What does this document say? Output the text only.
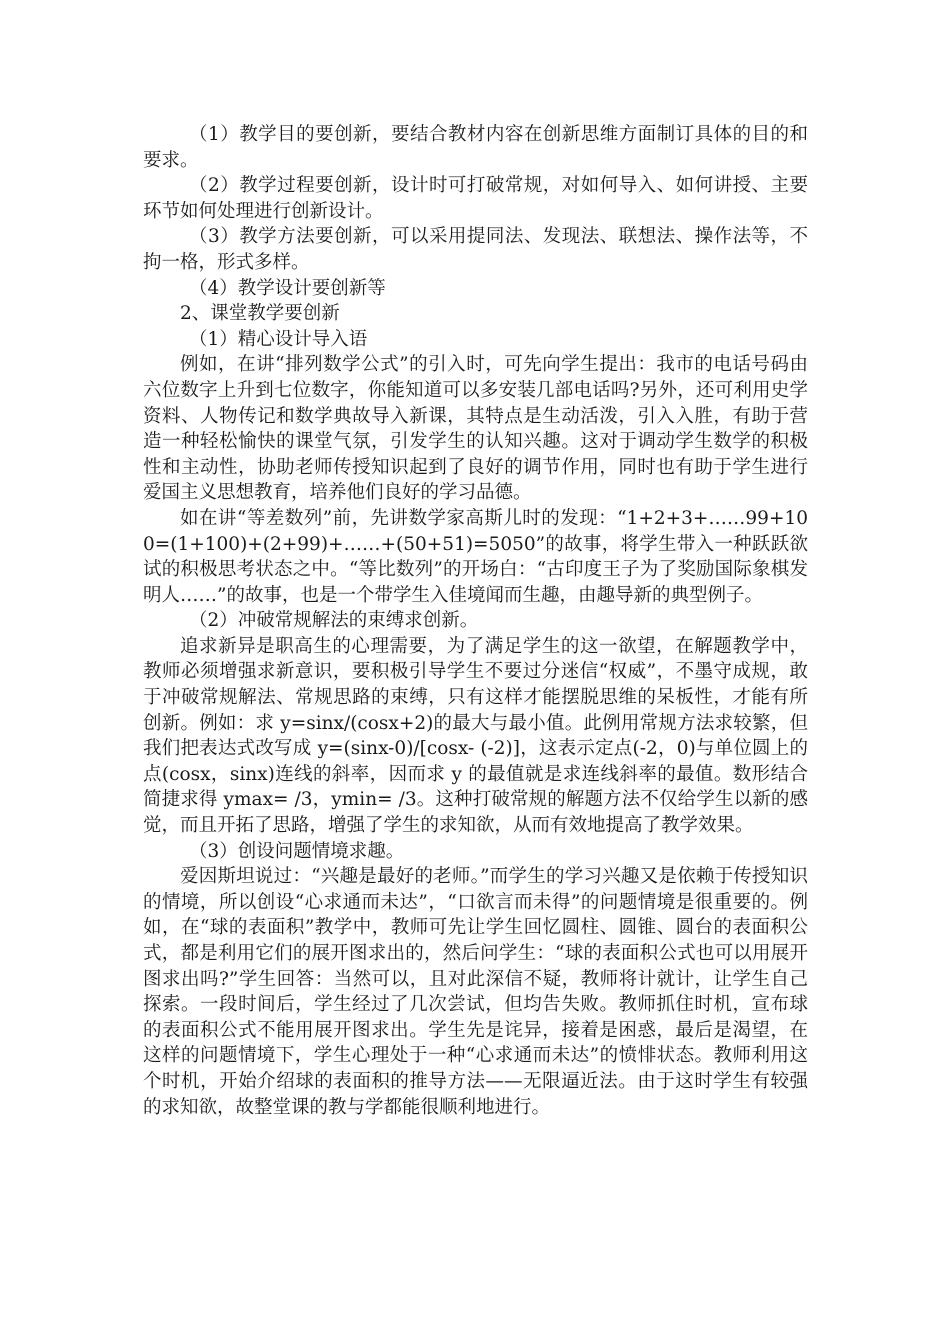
（1）教学目的要创新，要结合教材内容在创新思维方面制订具体的目的和要求。

（2）教学过程要创新，设计时可打破常规，对如何导入、如何讲授、主要环节如何处理进行创新设计。

（3）教学方法要创新，可以采用提同法、发现法、联想法、操作法等，不拘一格，形式多样。

（4）教学设计要创新等

2、课堂教学要创新

（1）精心设计导入语

例如，在讲“排列数学公式”的引入时，可先向学生提出：我市的电话号码由六位数字上升到七位数字，你能知道可以多安装几部电话吗?另外，还可利用史学资料、人物传记和数学典故导入新课，其特点是生动活泼，引入入胜，有助于营造一种轻松愉快的课堂气氛，引发学生的认知兴趣。这对于调动学生数学的积极性和主动性，协助老师传授知识起到了良好的调节作用，同时也有助于学生进行爱国主义思想教育，培养他们良好的学习品德。

如在讲“等差数列”前，先讲数学家高斯儿时的发现：“1+2+3+……99+100=(1+100)+(2+99)+……+(50+51)=5050”的故事，将学生带入一种跃跃欲试的积极思考状态之中。“等比数列”的开场白：“古印度王子为了奖励国际象棋发明人……”的故事，也是一个带学生入佳境闻而生趣，由趣导新的典型例子。

（2）冲破常规解法的束缚求创新。

追求新异是职高生的心理需要，为了满足学生的这一欲望，在解题教学中，教师必须增强求新意识，要积极引导学生不要过分迷信“权威”，不墨守成规，敢于冲破常规解法、常规思路的束缚，只有这样才能摆脱思维的呆板性，才能有所创新。例如：求 y=sinx/(cosx+2)的最大与最小值。此例用常规方法求较繁，但我们把表达式改写成 y=(sinx-0)/[cosx- (-2)]，这表示定点(-2，0)与单位圆上的点(cosx，sinx)连线的斜率，因而求 y 的最值就是求连线斜率的最值。数形结合简捷求得 ymax= /3，ymin= /3。这种打破常规的解题方法不仅给学生以新的感觉，而且开拓了思路，增强了学生的求知欲，从而有效地提高了教学效果。

（3）创设问题情境求趣。

爱因斯坦说过：“兴趣是最好的老师。”而学生的学习兴趣又是依赖于传授知识的情境，所以创设“心求通而未达”，“口欲言而未得”的问题情境是很重要的。例如，在“球的表面积”教学中，教师可先让学生回忆圆柱、圆锥、圆台的表面积公式，都是利用它们的展开图求出的，然后问学生：“球的表面积公式也可以用展开图求出吗?”学生回答：当然可以，且对此深信不疑，教师将计就计，让学生自己探索。一段时间后，学生经过了几次尝试，但均告失败。教师抓住时机，宣布球的表面积公式不能用展开图求出。学生先是诧异，接着是困惑，最后是渴望，在这样的问题情境下，学生心理处于一种“心求通而未达”的愤悱状态。教师利用这个时机，开始介绍球的表面积的推导方法——无限逼近法。由于这时学生有较强的求知欲，故整堂课的教与学都能很顺利地进行。
